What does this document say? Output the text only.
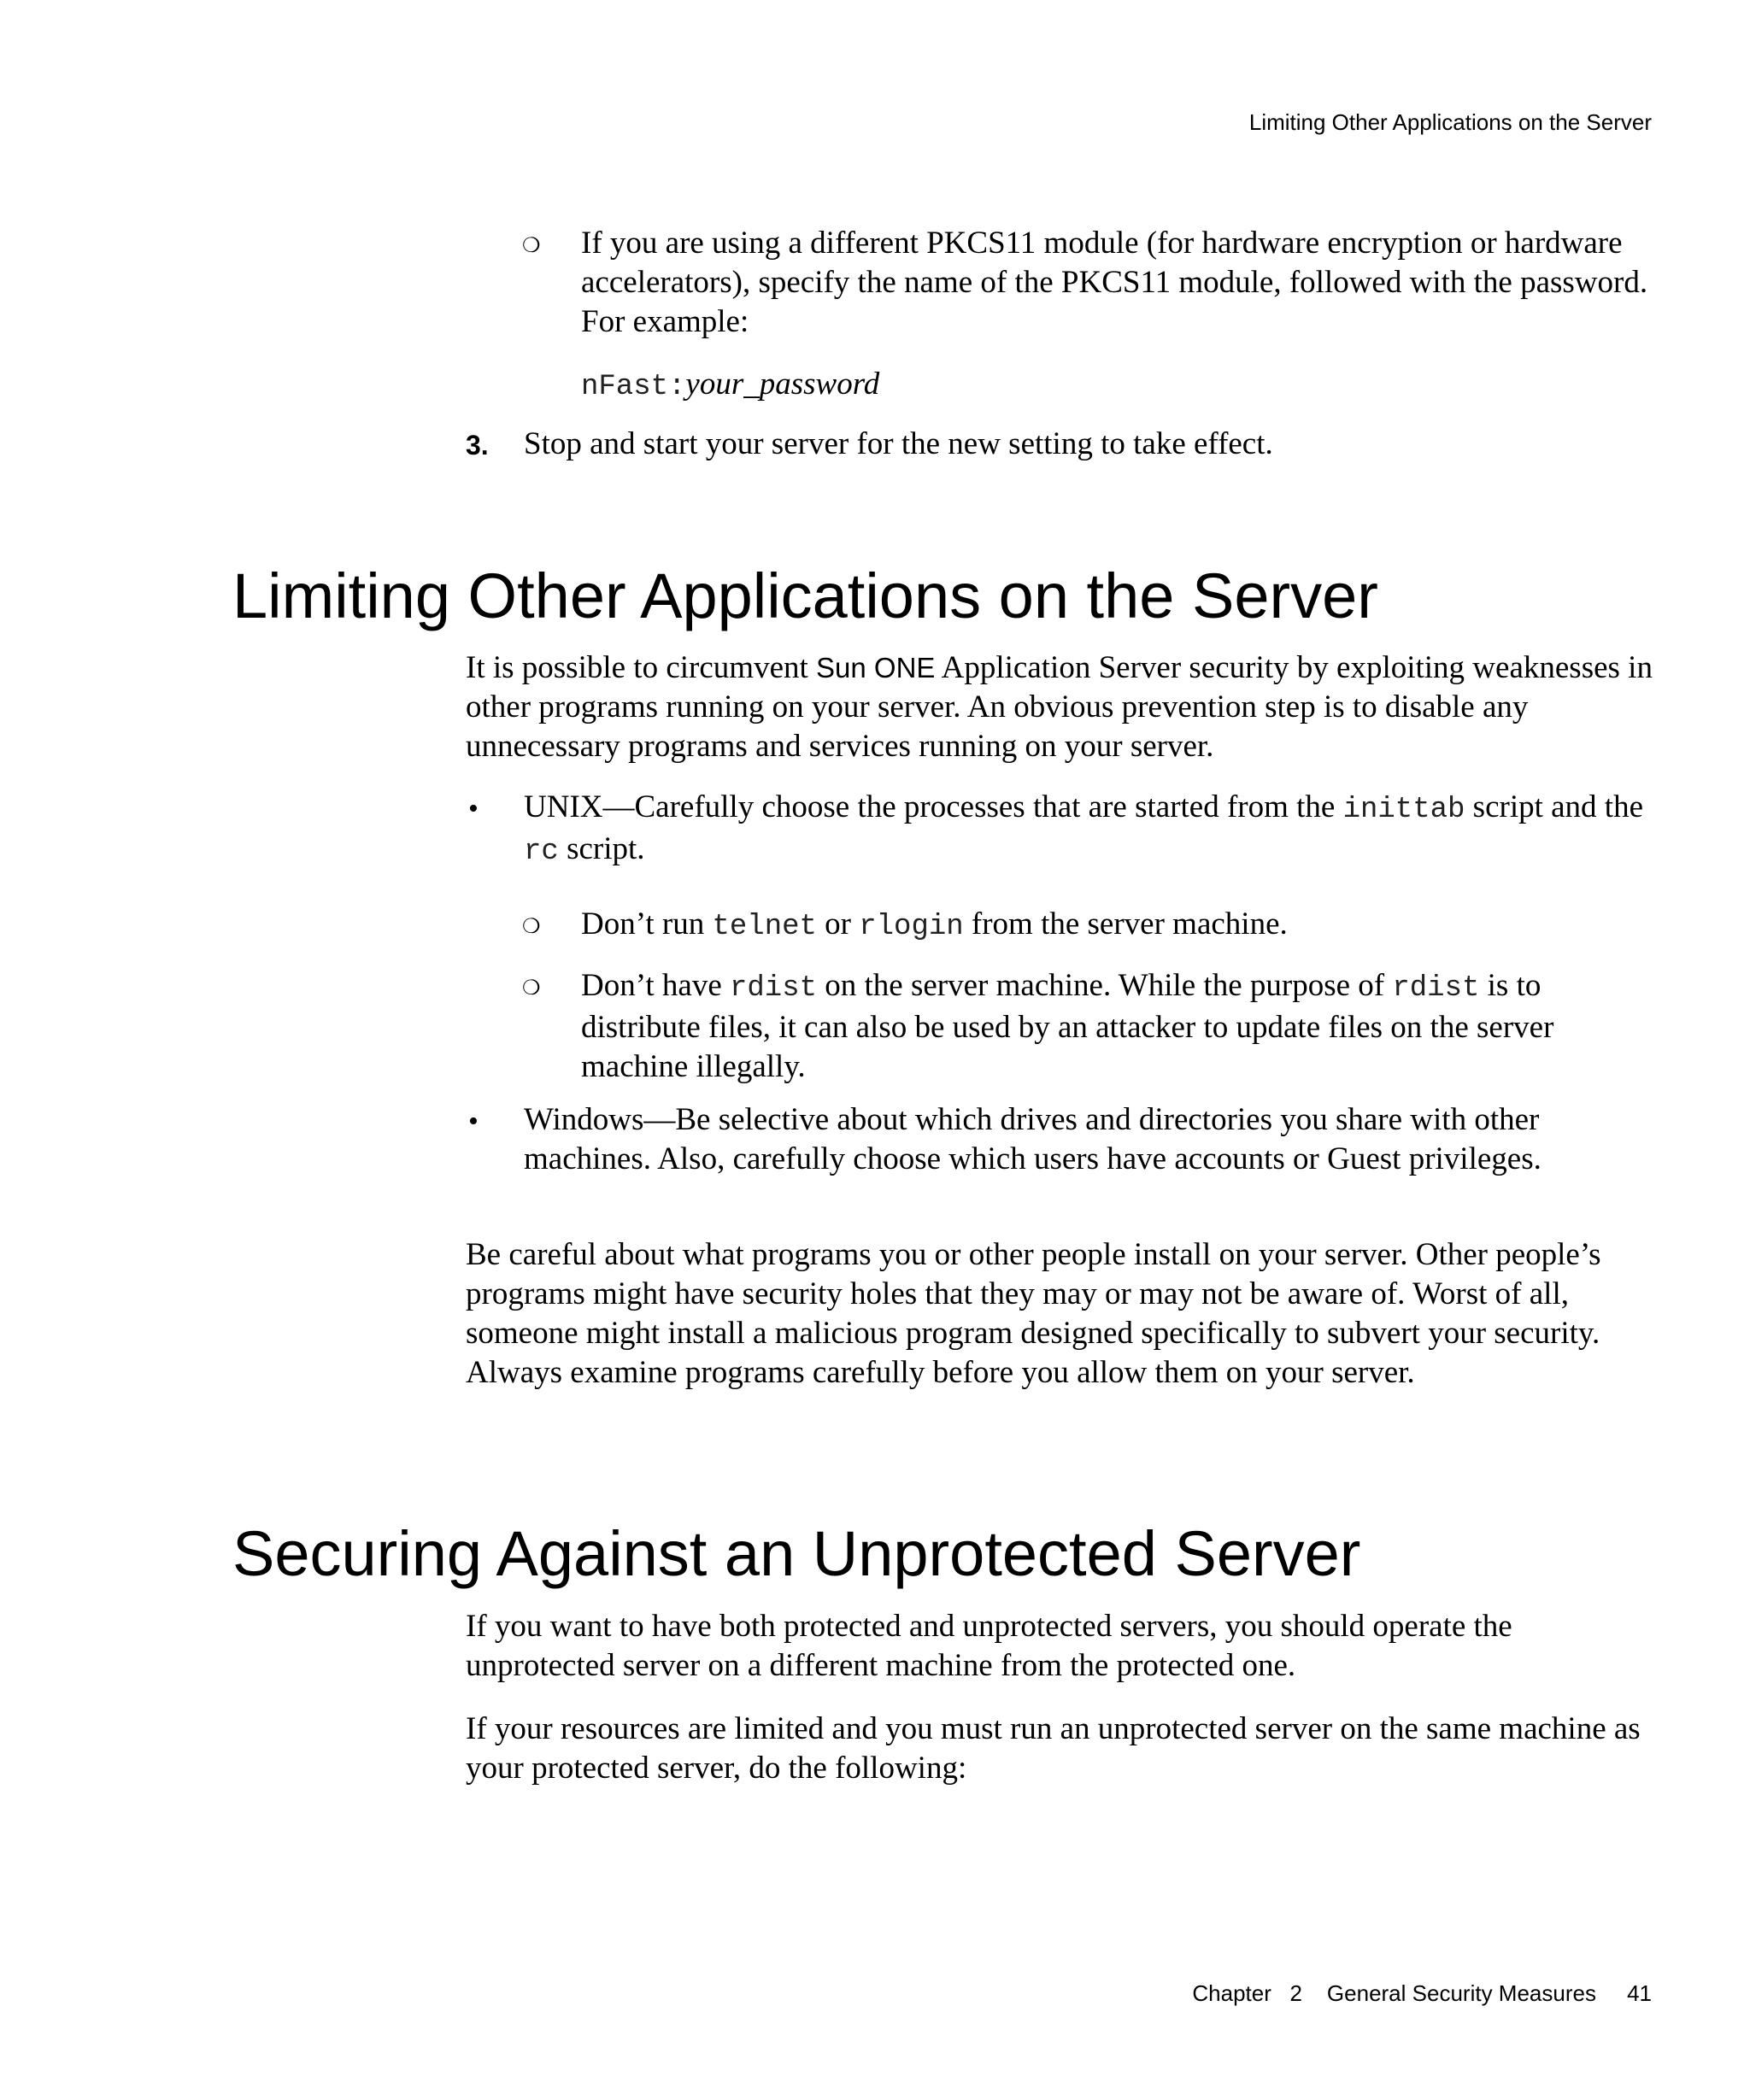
Limiting Other Applications on the Server
❍ If you are using a different PKCS11 module (for hardware encryption or hardware accelerators), specify the name of the PKCS11 module, followed with the password. For example:

nFast:your_password
3. Stop and start your server for the new setting to take effect.

Limiting Other Applications on the Server

It is possible to circumvent Sun ONE Application Server security by exploiting weaknesses in other programs running on your server. An obvious prevention step is to disable any unnecessary programs and services running on your server.

• UNIX—Carefully choose the processes that are started from the inittab script and the rc script.

❍ Don’t run telnet or rlogin from the server machine.

❍ Don’t have rdist on the server machine. While the purpose of rdist is to distribute files, it can also be used by an attacker to update files on the server machine illegally.

• Windows—Be selective about which drives and directories you share with other machines. Also, carefully choose which users have accounts or Guest privileges.

Be careful about what programs you or other people install on your server. Other people’s programs might have security holes that they may or may not be aware of. Worst of all, someone might install a malicious program designed specifically to subvert your security. Always examine programs carefully before you allow them on your server.

Securing Against an Unprotected Server

If you want to have both protected and unprotected servers, you should operate the unprotected server on a different machine from the protected one.

If your resources are limited and you must run an unprotected server on the same machine as your protected server, do the following:

Chapter 2 General Security Measures 41
